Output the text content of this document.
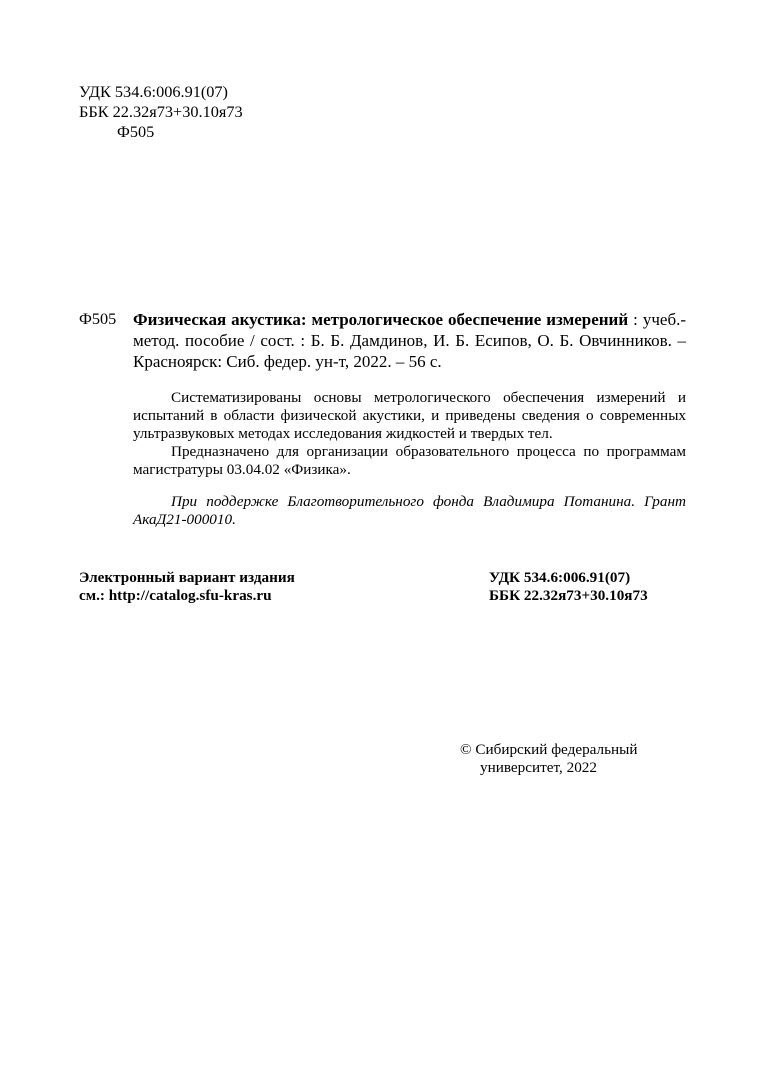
УДК 534.6:006.91(07)
ББК 22.32я73+30.10я73
Ф505
Ф505 Физическая акустика: метрологическое обеспечение измерений : учеб.-метод. пособие / сост. : Б. Б. Дамдинов, И. Б. Есипов, О. Б. Овчинников. – Красноярск: Сиб. федер. ун-т, 2022. – 56 с.

Систематизированы основы метрологического обеспечения измерений и испытаний в области физической акустики, и приведены сведения о современных ультразвуковых методах исследования жидкостей и твердых тел.

Предназначено для организации образовательного процесса по программам магистратуры 03.04.02 «Физика».

При поддержке Благотворительного фонда Владимира Потанина. Грант АкаД21-000010.

Электронный вариант издания
см.: http://catalog.sfu-kras.ru
УДК 534.6:006.91(07)
ББК 22.32я73+30.10я73
© Сибирский федеральный
университет, 2022
